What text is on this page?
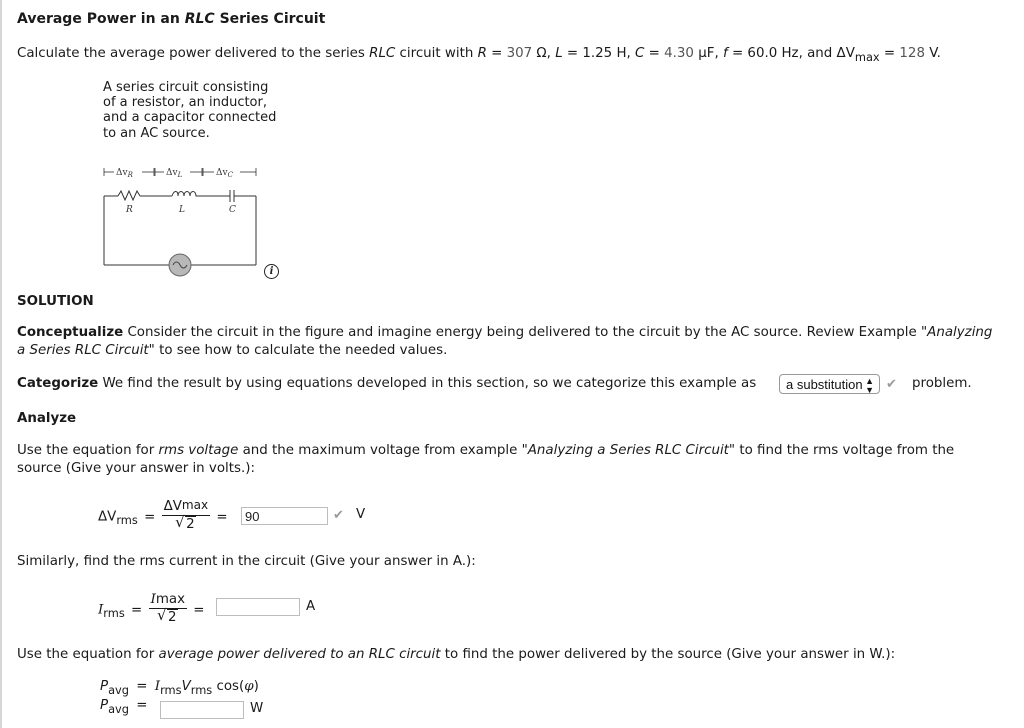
Average Power in an RLC Series Circuit
Calculate the average power delivered to the series RLC circuit with R = 307 Ω, L = 1.25 H, C = 4.30 μF, f = 60.0 Hz, and $\Delta V_{max} = 128$ V.
A series circuit consisting of a resistor, an inductor, and a capacitor connected to an AC source.
$\Delta v_R$	$\Delta v_L$	$\Delta v_C$
R	L	C
i
SOLUTION
Conceptualize Consider the circuit in the figure and imagine energy being delivered to the circuit by the AC source. Review Example "Analyzing
a Series RLC Circuit" to see how to calculate the needed values.
Categorize We find the result by using equations developed in this section, so we categorize this example as	a substitution ▲
▼ ✔ problem.
Analyze
Use the equation for rms voltage and the maximum voltage from example "Analyzing a Series RLC Circuit" to find the rms voltage from the
source (Give your answer in volts.):
$\Delta V_{rms} = \Delta Vmax$
√ 2 =
90	✔ V
Similarly, find the rms current in the circuit (Give your answer in A.):
$I_{rms} = Imax$
√ 2 =	A
Use the equation for average power delivered to an RLC circuit to find the power delivered by the source (Give your answer in W.):
$P_{avg} = I_{rms}V_{rms}$ cos(φ)
$P_{avg}$ =	W
